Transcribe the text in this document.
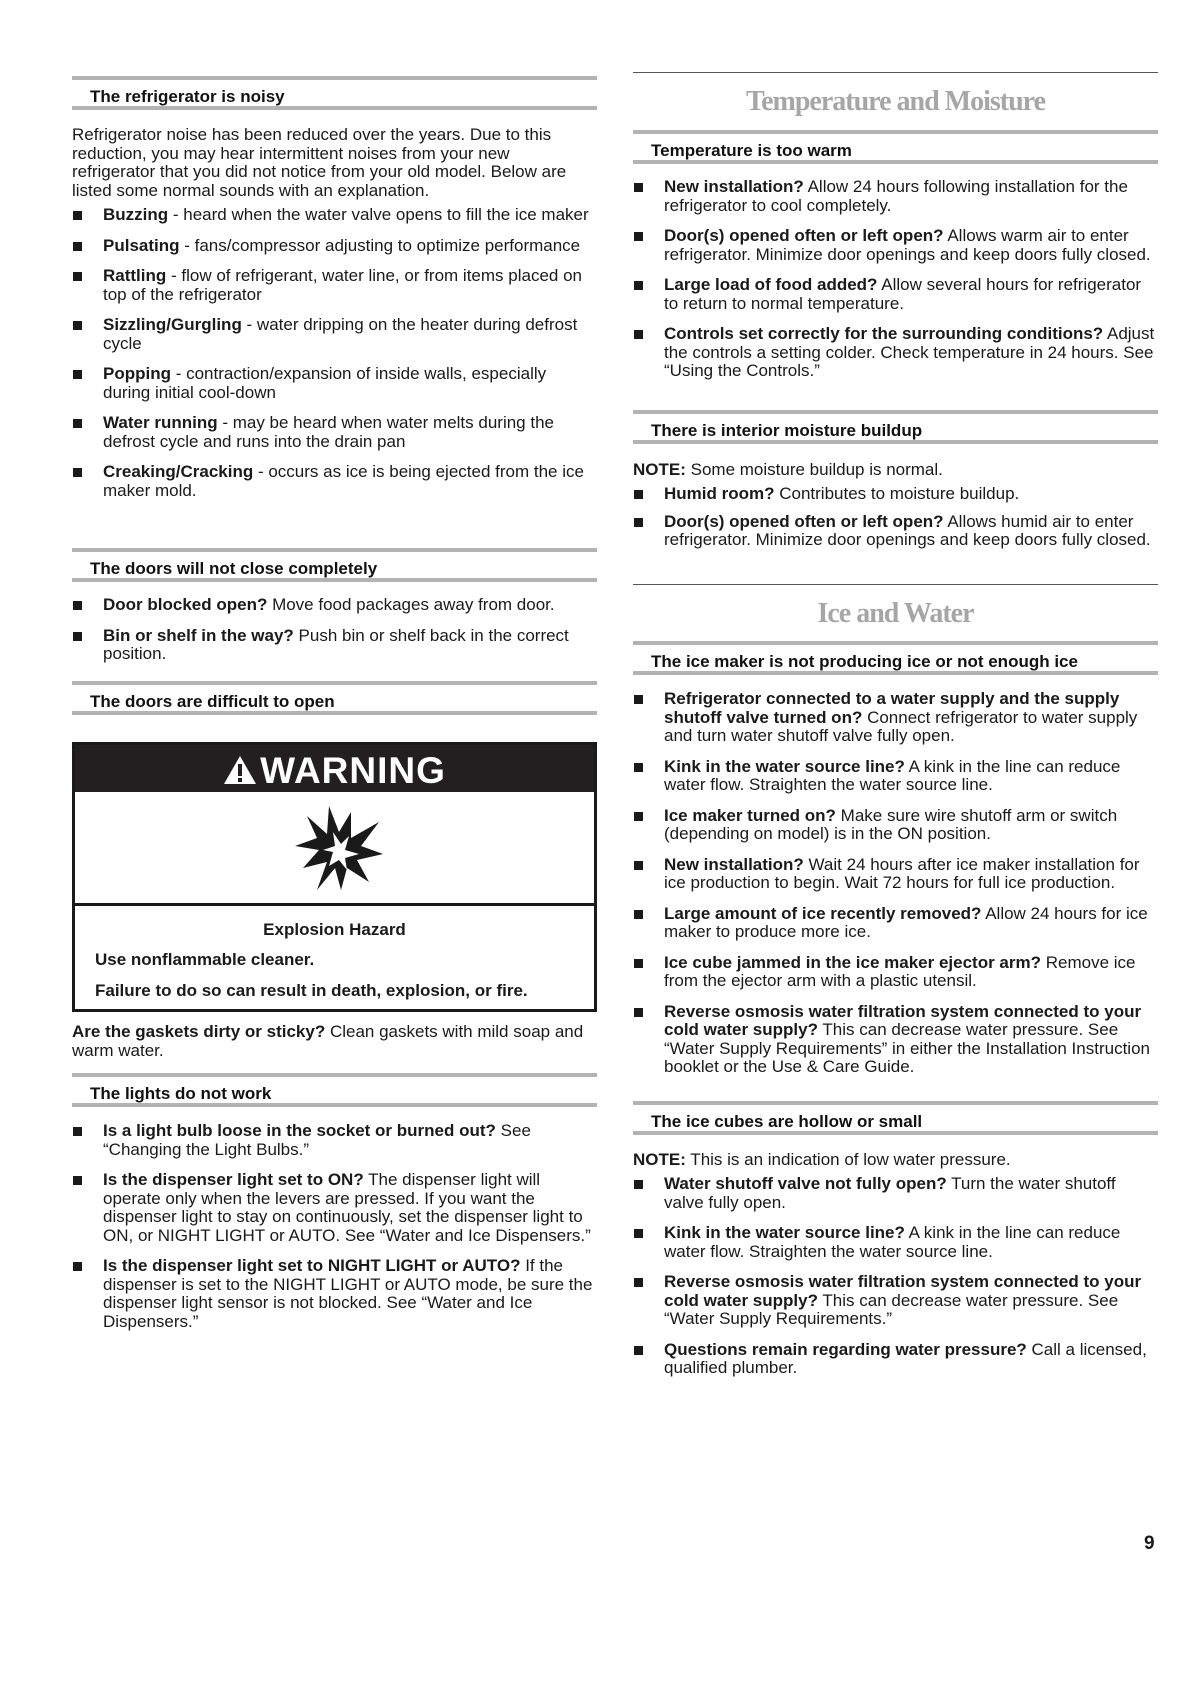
The refrigerator is noisy

Refrigerator noise has been reduced over the years. Due to this reduction, you may hear intermittent noises from your new refrigerator that you did not notice from your old model. Below are listed some normal sounds with an explanation.

Buzzing - heard when the water valve opens to fill the ice maker
Pulsating - fans/compressor adjusting to optimize performance
Rattling - flow of refrigerant, water line, or from items placed on top of the refrigerator
Sizzling/Gurgling - water dripping on the heater during defrost cycle
Popping - contraction/expansion of inside walls, especially during initial cool-down
Water running - may be heard when water melts during the defrost cycle and runs into the drain pan
Creaking/Cracking - occurs as ice is being ejected from the ice maker mold.
The doors will not close completely
Door blocked open? Move food packages away from door.
Bin or shelf in the way? Push bin or shelf back in the correct position.
The doors are difficult to open
WARNING
Explosion Hazard
Use nonflammable cleaner.
Failure to do so can result in death, explosion, or fire.

Are the gaskets dirty or sticky? Clean gaskets with mild soap and warm water.

The lights do not work
Is a light bulb loose in the socket or burned out? See “Changing the Light Bulbs.”
Is the dispenser light set to ON? The dispenser light will operate only when the levers are pressed. If you want the dispenser light to stay on continuously, set the dispenser light to ON, or NIGHT LIGHT or AUTO. See “Water and Ice Dispensers.”
Is the dispenser light set to NIGHT LIGHT or AUTO? If the dispenser is set to the NIGHT LIGHT or AUTO mode, be sure the dispenser light sensor is not blocked. See “Water and Ice Dispensers.”
Temperature and Moisture
Temperature is too warm
New installation? Allow 24 hours following installation for the refrigerator to cool completely.
Door(s) opened often or left open? Allows warm air to enter refrigerator. Minimize door openings and keep doors fully closed.
Large load of food added? Allow several hours for refrigerator to return to normal temperature.
Controls set correctly for the surrounding conditions? Adjust the controls a setting colder. Check temperature in 24 hours. See “Using the Controls.”
There is interior moisture buildup

NOTE: Some moisture buildup is normal.

Humid room? Contributes to moisture buildup.
Door(s) opened often or left open? Allows humid air to enter refrigerator. Minimize door openings and keep doors fully closed.
Ice and Water
The ice maker is not producing ice or not enough ice
Refrigerator connected to a water supply and the supply shutoff valve turned on? Connect refrigerator to water supply and turn water shutoff valve fully open.
Kink in the water source line? A kink in the line can reduce water flow. Straighten the water source line.
Ice maker turned on? Make sure wire shutoff arm or switch (depending on model) is in the ON position.
New installation? Wait 24 hours after ice maker installation for ice production to begin. Wait 72 hours for full ice production.
Large amount of ice recently removed? Allow 24 hours for ice maker to produce more ice.
Ice cube jammed in the ice maker ejector arm? Remove ice from the ejector arm with a plastic utensil.
Reverse osmosis water filtration system connected to your cold water supply? This can decrease water pressure. See “Water Supply Requirements” in either the Installation Instruction booklet or the Use & Care Guide.
The ice cubes are hollow or small

NOTE: This is an indication of low water pressure.

Water shutoff valve not fully open? Turn the water shutoff valve fully open.
Kink in the water source line? A kink in the line can reduce water flow. Straighten the water source line.
Reverse osmosis water filtration system connected to your cold water supply? This can decrease water pressure. See “Water Supply Requirements.”
Questions remain regarding water pressure? Call a licensed, qualified plumber.
9
